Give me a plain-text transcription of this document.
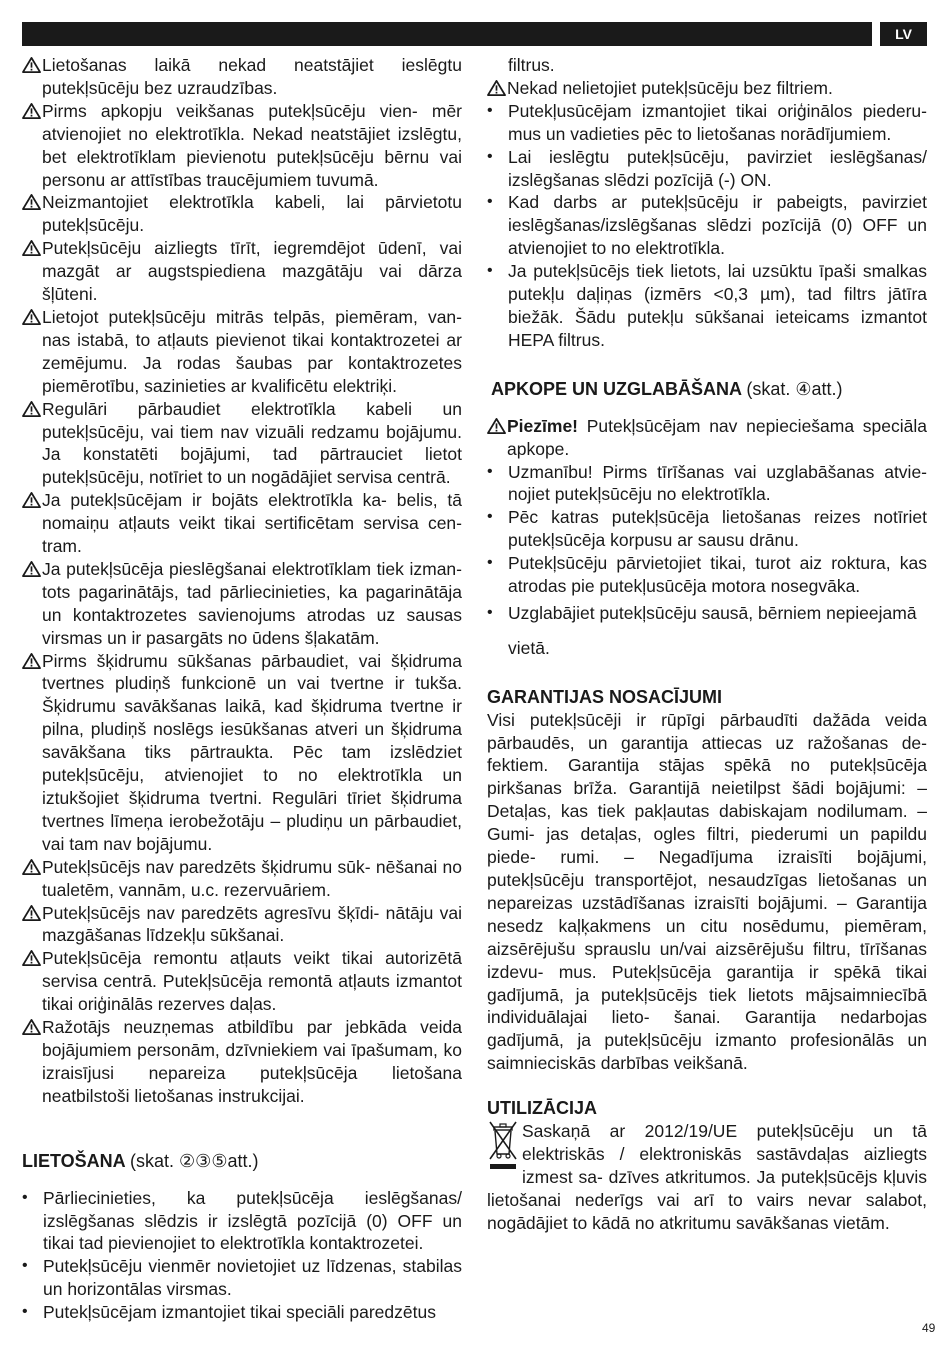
LV
Lietošanas laikā nekad neatstājiet ieslēgtu putekļsūcēju bez uzraudzības.
Pirms apkopju veikšanas putekļsūcēju vien- mēr atvienojiet no elektrotīkla. Nekad neatstājiet izslēgtu, bet elektrotīklam pievienotu putekļsūcēju bērnu vai personu ar attīstības traucējumiem tuvumā.
Neizmantojiet elektrotīkla kabeli, lai pārvietotu putekļsūcēju.
Putekļsūcēju aizliegts tīrīt, iegremdējot ūdenī, vai mazgāt ar augstspiediena mazgātāju vai dārza šļūteni.
Lietojot putekļsūcēju mitrās telpās, piemēram, van- nas istabā, to atļauts pievienot tikai kontaktrozetei ar zemējumu. Ja rodas šaubas par kontaktrozetes piemērotību, sazinieties ar kvalificētu elektriķi.
Regulāri pārbaudiet elektrotīkla kabeli un putekļsūcēju, vai tiem nav vizuāli redzamu bojājumu. Ja konstatēti bojājumi, tad pārtrauciet lietot putekļsūcēju, notīriet to un nogādājiet servisa centrā.
Ja putekļsūcējam ir bojāts elektrotīkla ka- belis, tā nomaiņu atļauts veikt tikai sertificētam servisa cen- tram.
Ja putekļsūcēja pieslēgšanai elektrotīklam tiek izman- tots pagarinātājs, tad pārliecinieties, ka pagarinātāja un kontaktrozetes savienojums atrodas uz sausas virsmas un ir pasargāts no ūdens šļakatām.
Pirms šķidrumu sūkšanas pārbaudiet, vai šķidruma tvertnes pludiņš funkcionē un vai tvertne ir tukša. Šķidrumu savākšanas laikā, kad šķidruma tvertne ir pilna, pludiņš noslēgs iesūkšanas atveri un šķidruma savākšana tiks pārtraukta. Pēc tam izslēdziet putekļsūcēju, atvienojiet to no elektrotīkla un iztukšojiet šķidruma tvertni. Regulāri tīriet šķidruma tvertnes līmeņa ierobežotāju – pludiņu un pārbaudiet, vai tam nav bojājumu.
Putekļsūcējs nav paredzēts šķidrumu sūk- nēšanai no tualetēm, vannām, u.c. rezervuāriem.
Putekļsūcējs nav paredzēts agresīvu šķīdi- nātāju vai mazgāšanas līdzekļu sūkšanai.
Putekļsūcēja remontu atļauts veikt tikai autorizētā servisa centrā. Putekļsūcēja remontā atļauts izmantot tikai oriģinālās rezerves daļas.
Ražotājs neuzņemas atbildību par jebkāda veida bojājumiem personām, dzīvniekiem vai īpašumam, ko izraisījusi nepareiza putekļsūcēja lietošana neatbilstoši lietošanas instrukcijai.

LIETOŠANA (skat. ②③⑤att.)

• Pārliecinieties, ka putekļsūcēja ieslēgšanas/ izslēgšanas slēdzis ir izslēgtā pozīcijā (0) OFF un tikai tad pievienojiet to elektrotīkla kontaktrozetei.
• Putekļsūcēju vienmēr novietojiet uz līdzenas, stabilas un horizontālas virsmas.
• Putekļsūcējam izmantojiet tikai speciāli paredzētus

filtrus.

Nekad nelietojiet putekļsūcēju bez filtriem.
• Putekļusūcējam izmantojiet tikai oriģinālos piederu- mus un vadieties pēc to lietošanas norādījumiem.
• Lai ieslēgtu putekļsūcēju, pavirziet ieslēgšanas/ izslēgšanas slēdzi pozīcijā (-) ON.
• Kad darbs ar putekļsūcēju ir pabeigts, pavirziet ieslēgšanas/izslēgšanas slēdzi pozīcijā (0) OFF un atvienojiet to no elektrotīkla.
• Ja putekļsūcējs tiek lietots, lai uzsūktu īpaši smalkas putekļu daļiņas (izmērs <0,3 µm), tad filtrs jātīra biežāk. Šādu putekļu sūkšanai ieteicams izmantot HEPA filtrus.

APKOPE UN UZGLABĀŠANA (skat. ④att.)

Piezīme! Putekļsūcējam nav nepieciešama speciāla apkope.
• Uzmanību! Pirms tīrīšanas vai uzglabāšanas atvie- nojiet putekļsūcēju no elektrotīkla.
• Pēc katras putekļsūcēja lietošanas reizes notīriet putekļsūcēja korpusu ar sausu drānu.
• Putekļsūcēju pārvietojiet tikai, turot aiz roktura, kas atrodas pie putekļusūcēja motora nosegvāka.
• Uzglabājiet putekļsūcēju sausā, bērniem nepieejamā

vietā.

GARANTIJAS NOSACĪJUMI

Visi putekļsūcēji ir rūpīgi pārbaudīti dažāda veida pārbaudēs, un garantija attiecas uz ražošanas de- fektiem. Garantija stājas spēkā no putekļsūcēja pirkšanas brīža. Garantijā neietilpst šādi bojājumi: – Detaļas, kas tiek pakļautas dabiskajam nodilumam. – Gumi- jas detaļas, ogles filtri, piederumi un papildu piede- rumi. – Negadījuma izraisīti bojājumi, putekļsūcēju transportējot, nesaudzīgas lietošanas un nepareizas uzstādīšanas izraisīti bojājumi. – Garantija nesedz kaļķakmens un citu nosēdumu, piemēram, aizsērējušu sprauslu un/vai aizsērējušu filtru, tīrīšanas izdevu- mus. Putekļsūcēja garantija ir spēkā tikai gadījumā, ja putekļsūcējs tiek lietots mājsaimniecībā individuālajai lieto- šanai. Garantija nedarbojas gadījumā, ja putekļsūcēju izmanto profesionālās un saimnieciskās darbības veikšanā.

UTILIZĀCIJA

Saskaņā ar 2012/19/UE putekļsūcēju un tā elektriskās / elektroniskās sastāvdaļas aizliegts izmest sa- dzīves atkritumos. Ja putekļsūcējs kļuvis lietošanai nederīgs vai arī to vairs nevar salabot, nogādājiet to kādā no atkritumu savākšanas vietām.

49
